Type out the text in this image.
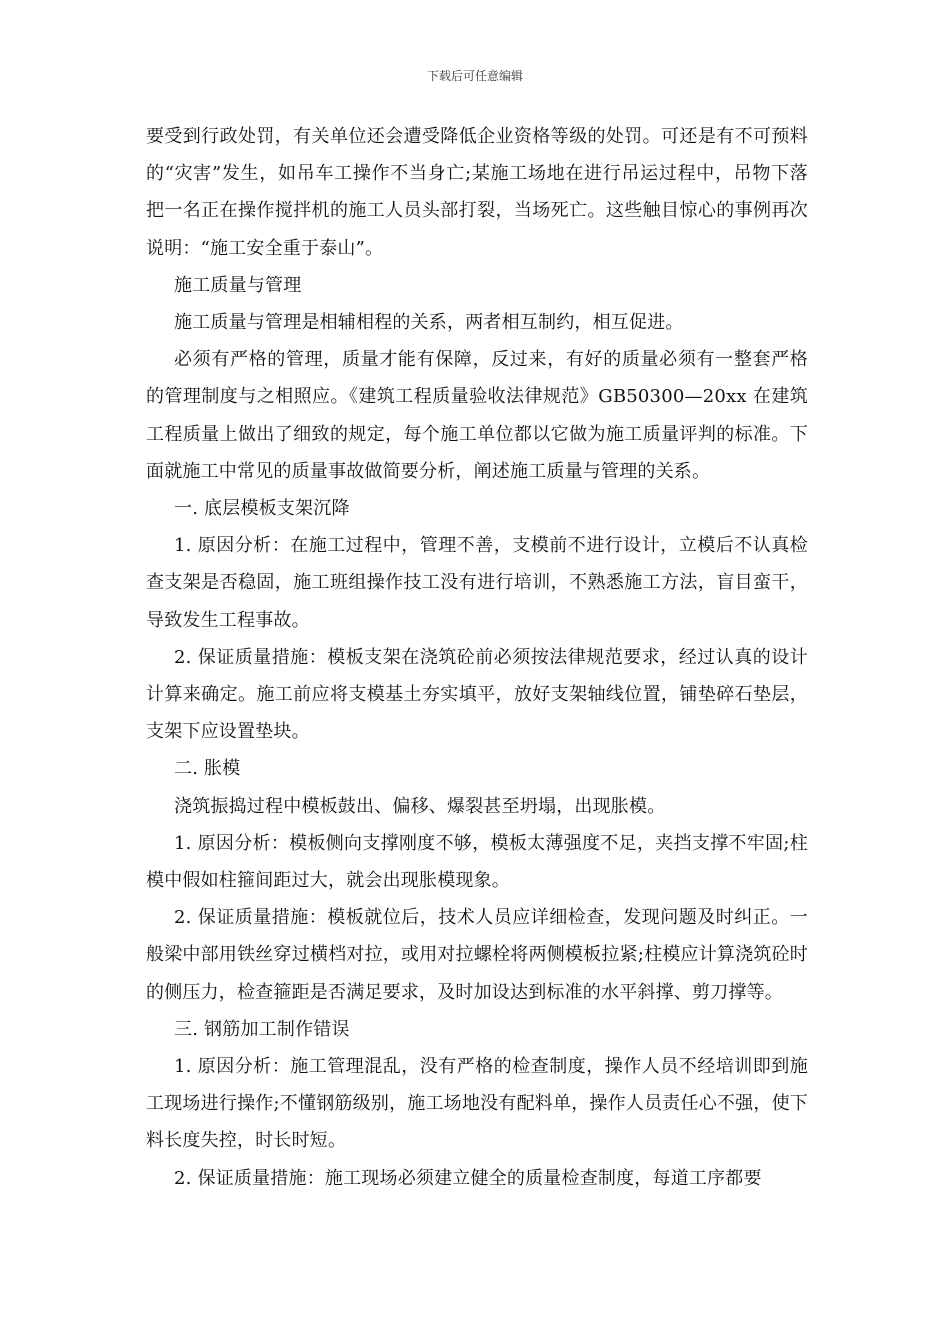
下载后可任意编辑

要受到行政处罚，有关单位还会遭受降低企业资格等级的处罚。可还是有不可预料的“灾害”发生，如吊车工操作不当身亡;某施工场地在进行吊运过程中，吊物下落把一名正在操作搅拌机的施工人员头部打裂，当场死亡。这些触目惊心的事例再次说明：“施工安全重于泰山”。

施工质量与管理

施工质量与管理是相辅相程的关系，两者相互制约，相互促进。

必须有严格的管理，质量才能有保障，反过来，有好的质量必须有一整套严格的管理制度与之相照应。《建筑工程质量验收法律规范》GB50300—20xx 在建筑工程质量上做出了细致的规定，每个施工单位都以它做为施工质量评判的标准。下面就施工中常见的质量事故做简要分析，阐述施工质量与管理的关系。

一. 底层模板支架沉降

1. 原因分析：在施工过程中，管理不善，支模前不进行设计，立模后不认真检查支架是否稳固，施工班组操作技工没有进行培训，不熟悉施工方法，盲目蛮干，导致发生工程事故。

2. 保证质量措施：模板支架在浇筑砼前必须按法律规范要求，经过认真的设计计算来确定。施工前应将支模基土夯实填平，放好支架轴线位置，铺垫碎石垫层，支架下应设置垫块。

二. 胀模

浇筑振捣过程中模板鼓出、偏移、爆裂甚至坍塌，出现胀模。

1. 原因分析：模板侧向支撑刚度不够，模板太薄强度不足，夹挡支撑不牢固;柱模中假如柱箍间距过大，就会出现胀模现象。

2. 保证质量措施：模板就位后，技术人员应详细检查，发现问题及时纠正。一般梁中部用铁丝穿过横档对拉，或用对拉螺栓将两侧模板拉紧;柱模应计算浇筑砼时的侧压力，检查箍距是否满足要求，及时加设达到标准的水平斜撑、剪刀撑等。

三. 钢筋加工制作错误

1. 原因分析：施工管理混乱，没有严格的检查制度，操作人员不经培训即到施工现场进行操作;不懂钢筋级别，施工场地没有配料单，操作人员责任心不强，使下料长度失控，时长时短。

2. 保证质量措施：施工现场必须建立健全的质量检查制度，每道工序都要
